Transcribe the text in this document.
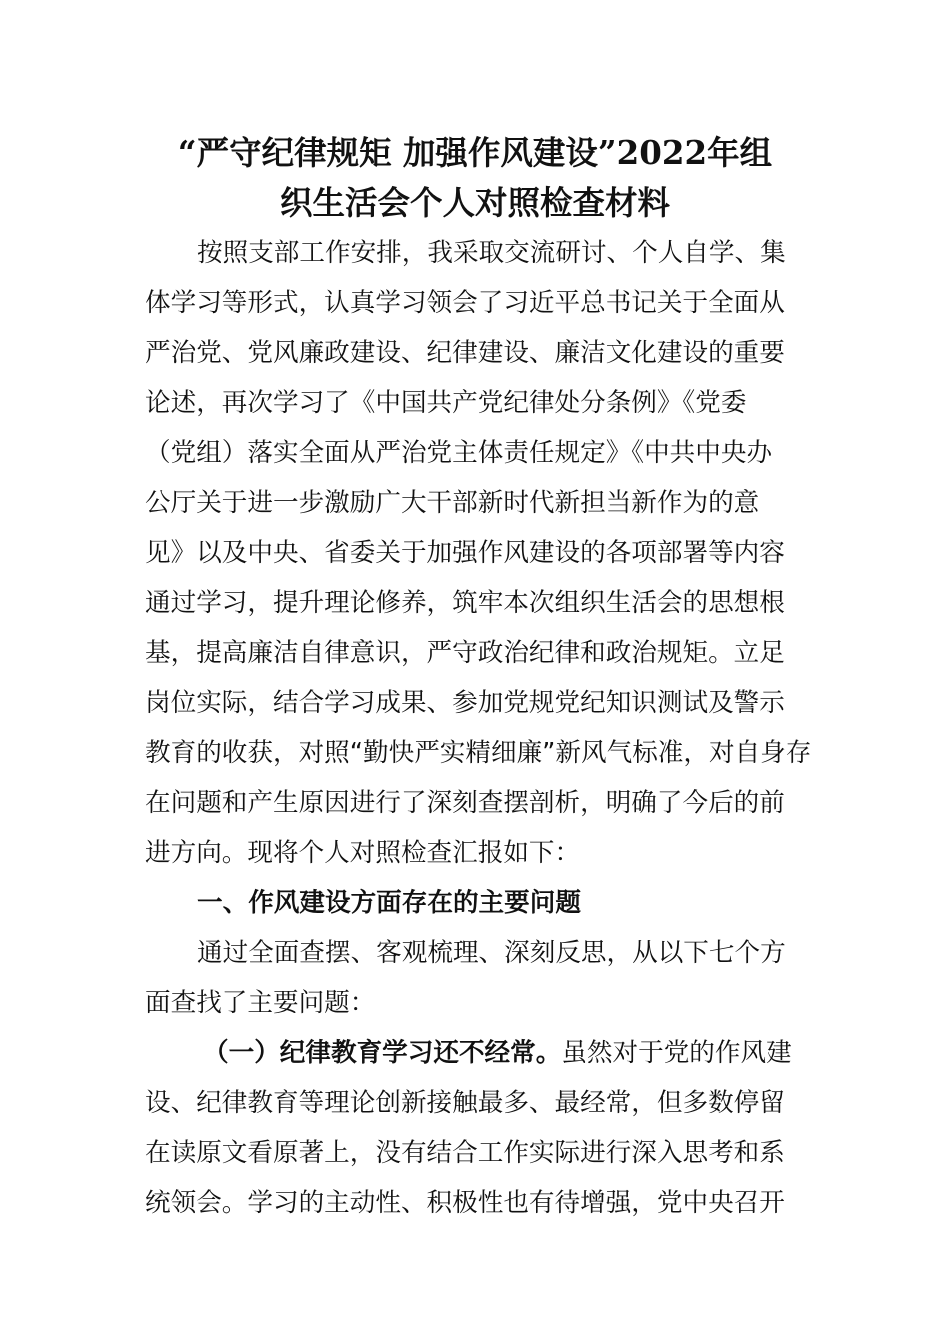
“严守纪律规矩 加强作风建设”2022年组
织生活会个人对照检查材料
按照支部工作安排，我采取交流研讨、个人自学、集
体学习等形式，认真学习领会了习近平总书记关于全面从
严治党、党风廉政建设、纪律建设、廉洁文化建设的重要
论述，再次学习了《中国共产党纪律处分条例》《党委
（党组）落实全面从严治党主体责任规定》《中共中央办
公厅关于进一步激励广大干部新时代新担当新作为的意
见》以及中央、省委关于加强作风建设的各项部署等内容
通过学习，提升理论修养，筑牢本次组织生活会的思想根
基，提高廉洁自律意识，严守政治纪律和政治规矩。立足
岗位实际，结合学习成果、参加党规党纪知识测试及警示
教育的收获，对照“勤快严实精细廉”新风气标准，对自身存
在问题和产生原因进行了深刻查摆剖析，明确了今后的前
进方向。现将个人对照检查汇报如下：
一、作风建设方面存在的主要问题
通过全面查摆、客观梳理、深刻反思，从以下七个方
面查找了主要问题：
（一）纪律教育学习还不经常。虽然对于党的作风建
设、纪律教育等理论创新接触最多、最经常，但多数停留
在读原文看原著上，没有结合工作实际进行深入思考和系
统领会。学习的主动性、积极性也有待增强，党中央召开
